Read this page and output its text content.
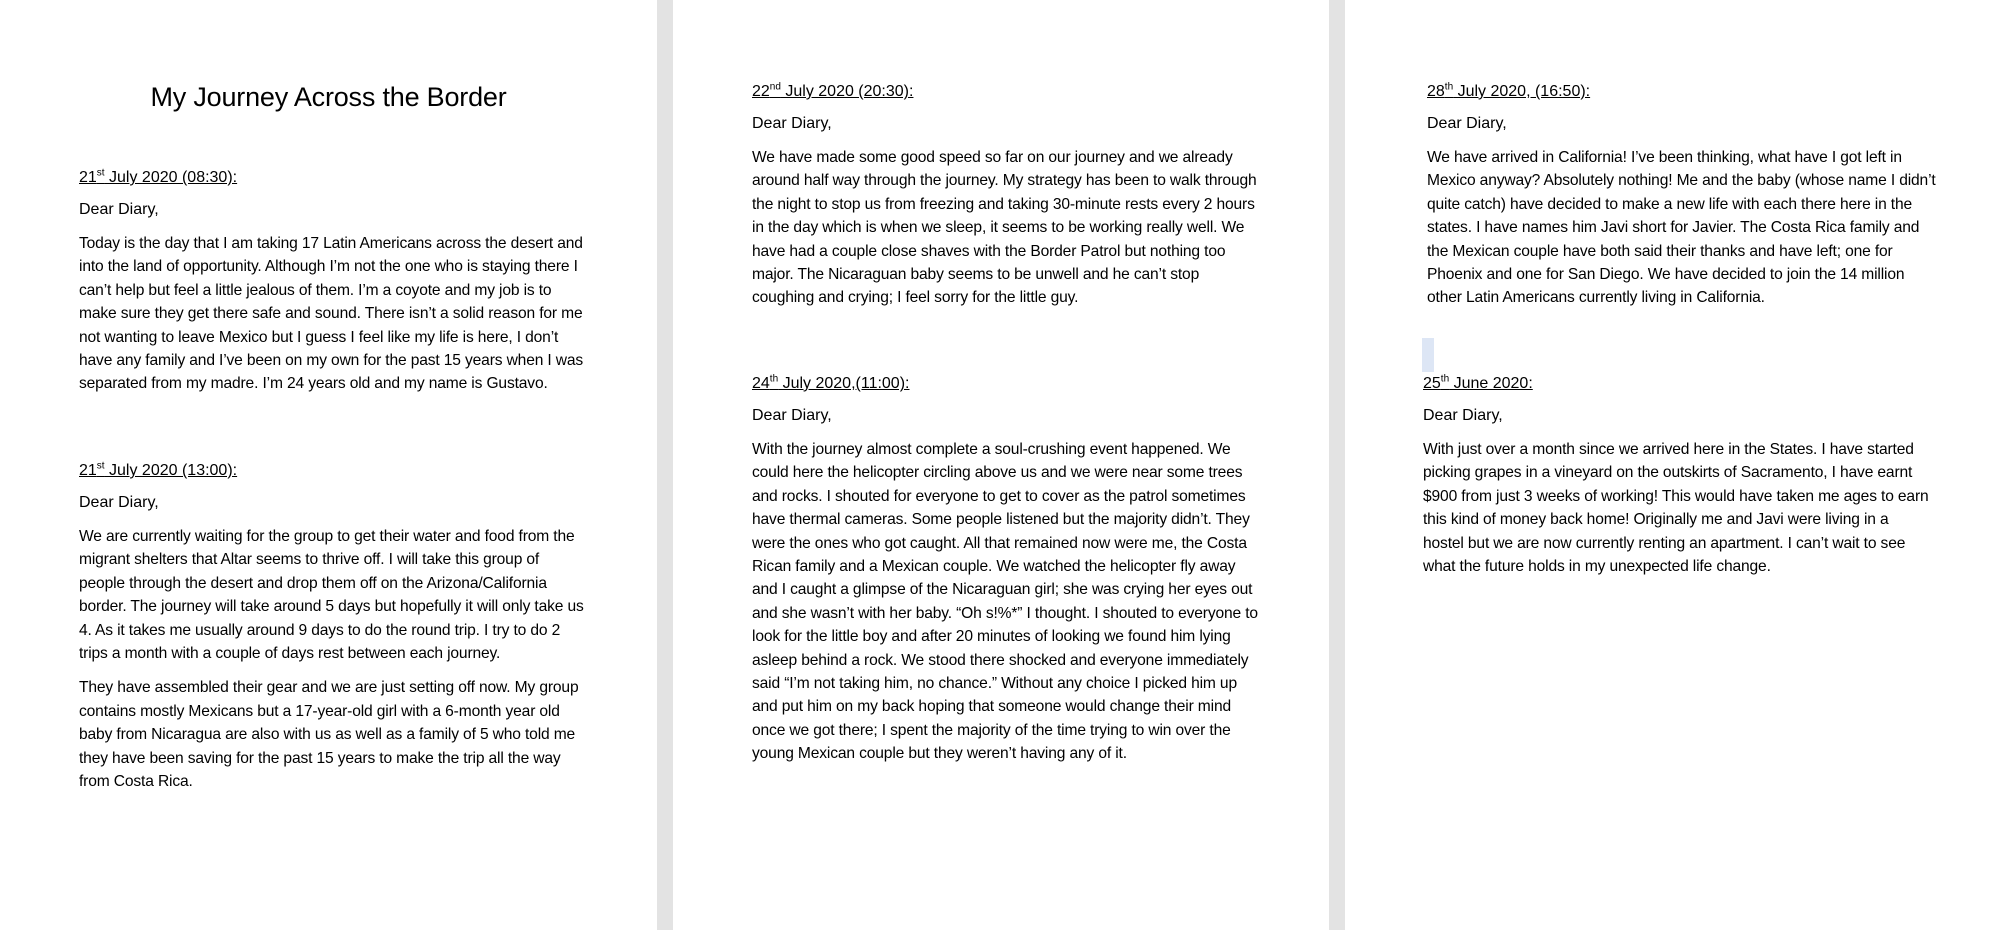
My Journey Across the Border

21st July 2020 (08:30):

Dear Diary,

Today is the day that I am taking 17 Latin Americans across the desert and into the land of opportunity. Although I’m not the one who is staying there I can’t help but feel a little jealous of them. I’m a coyote and my job is to make sure they get there safe and sound. There isn’t a solid reason for me not wanting to leave Mexico but I guess I feel like my life is here, I don’t have any family and I’ve been on my own for the past 15 years when I was separated from my madre. I’m 24 years old and my name is Gustavo.

21st July 2020 (13:00):

Dear Diary,

We are currently waiting for the group to get their water and food from the migrant shelters that Altar seems to thrive off. I will take this group of people through the desert and drop them off on the Arizona/California border. The journey will take around 5 days but hopefully it will only take us 4. As it takes me usually around 9 days to do the round trip. I try to do 2 trips a month with a couple of days rest between each journey.

They have assembled their gear and we are just setting off now. My group contains mostly Mexicans but a 17-year-old girl with a 6-month year old baby from Nicaragua are also with us as well as a family of 5 who told me they have been saving for the past 15 years to make the trip all the way from Costa Rica.

22nd July 2020 (20:30):

Dear Diary,

We have made some good speed so far on our journey and we already around half way through the journey. My strategy has been to walk through the night to stop us from freezing and taking 30-minute rests every 2 hours in the day which is when we sleep, it seems to be working really well. We have had a couple close shaves with the Border Patrol but nothing too major. The Nicaraguan baby seems to be unwell and he can’t stop coughing and crying; I feel sorry for the little guy.

24th July 2020,(11:00):

Dear Diary,

With the journey almost complete a soul-crushing event happened. We could here the helicopter circling above us and we were near some trees and rocks. I shouted for everyone to get to cover as the patrol sometimes have thermal cameras. Some people listened but the majority didn’t. They were the ones who got caught. All that remained now were me, the Costa Rican family and a Mexican couple. We watched the helicopter fly away and I caught a glimpse of the Nicaraguan girl; she was crying her eyes out and she wasn’t with her baby. “Oh s!%*” I thought. I shouted to everyone to look for the little boy and after 20 minutes of looking we found him lying asleep behind a rock. We stood there shocked and everyone immediately said “I’m not taking him, no chance.” Without any choice I picked him up and put him on my back hoping that someone would change their mind once we got there; I spent the majority of the time trying to win over the young Mexican couple but they weren’t having any of it.

28th July 2020, (16:50):

Dear Diary,

We have arrived in California! I’ve been thinking, what have I got left in Mexico anyway? Absolutely nothing! Me and the baby (whose name I didn’t quite catch) have decided to make a new life with each there here in the states. I have names him Javi short for Javier. The Costa Rica family and the Mexican couple have both said their thanks and have left; one for Phoenix and one for San Diego. We have decided to join the 14 million other Latin Americans currently living in California.

25th June 2020:

Dear Diary,

With just over a month since we arrived here in the States. I have started picking grapes in a vineyard on the outskirts of Sacramento, I have earnt $900 from just 3 weeks of working! This would have taken me ages to earn this kind of money back home! Originally me and Javi were living in a hostel but we are now currently renting an apartment. I can’t wait to see what the future holds in my unexpected life change.
